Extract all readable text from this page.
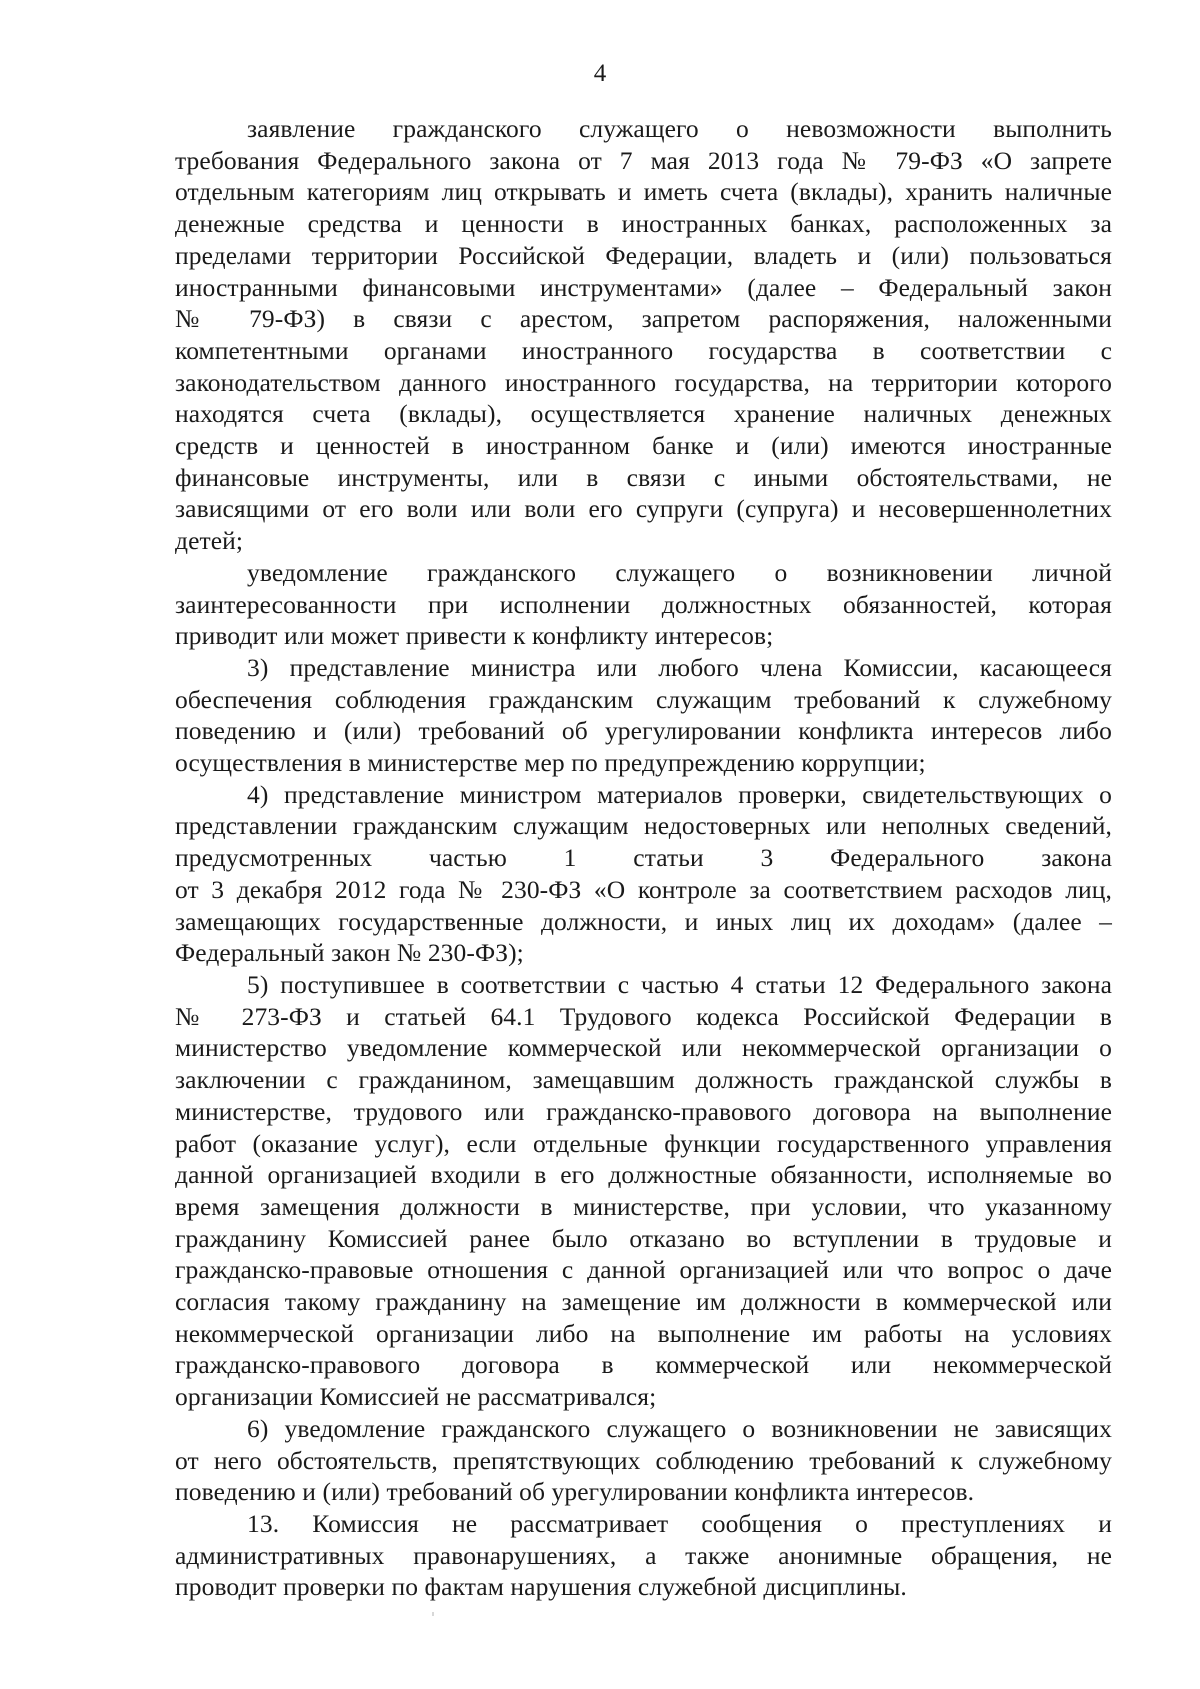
4
заявление гражданского служащего о невозможности выполнить
требования Федерального закона от 7 мая 2013 года № 79-ФЗ «О запрете
отдельным категориям лиц открывать и иметь счета (вклады), хранить наличные
денежные средства и ценности в иностранных банках, расположенных за
пределами территории Российской Федерации, владеть и (или) пользоваться
иностранными финансовыми инструментами» (далее – Федеральный закон
№ 79-ФЗ) в связи с арестом, запретом распоряжения, наложенными
компетентными органами иностранного государства в соответствии с
законодательством данного иностранного государства, на территории которого
находятся счета (вклады), осуществляется хранение наличных денежных
средств и ценностей в иностранном банке и (или) имеются иностранные
финансовые инструменты, или в связи с иными обстоятельствами, не
зависящими от его воли или воли его супруги (супруга) и несовершеннолетних
детей;
уведомление гражданского служащего о возникновении личной
заинтересованности при исполнении должностных обязанностей, которая
приводит или может привести к конфликту интересов;
3) представление министра или любого члена Комиссии, касающееся
обеспечения соблюдения гражданским служащим требований к служебному
поведению и (или) требований об урегулировании конфликта интересов либо
осуществления в министерстве мер по предупреждению коррупции;
4) представление министром материалов проверки, свидетельствующих о
представлении гражданским служащим недостоверных или неполных сведений,
предусмотренных частью 1 статьи 3 Федерального закона
от 3 декабря 2012 года № 230-ФЗ «О контроле за соответствием расходов лиц,
замещающих государственные должности, и иных лиц их доходам» (далее –
Федеральный закон № 230-ФЗ);
5) поступившее в соответствии с частью 4 статьи 12 Федерального закона
№ 273-ФЗ и статьей 64.1 Трудового кодекса Российской Федерации в
министерство уведомление коммерческой или некоммерческой организации о
заключении с гражданином, замещавшим должность гражданской службы в
министерстве, трудового или гражданско-правового договора на выполнение
работ (оказание услуг), если отдельные функции государственного управления
данной организацией входили в его должностные обязанности, исполняемые во
время замещения должности в министерстве, при условии, что указанному
гражданину Комиссией ранее было отказано во вступлении в трудовые и
гражданско-правовые отношения с данной организацией или что вопрос о даче
согласия такому гражданину на замещение им должности в коммерческой или
некоммерческой организации либо на выполнение им работы на условиях
гражданско-правового договора в коммерческой или некоммерческой
организации Комиссией не рассматривался;
6) уведомление гражданского служащего о возникновении не зависящих
от него обстоятельств, препятствующих соблюдению требований к служебному
поведению и (или) требований об урегулировании конфликта интересов.
13. Комиссия не рассматривает сообщения о преступлениях и
административных правонарушениях, а также анонимные обращения, не
проводит проверки по фактам нарушения служебной дисциплины.
